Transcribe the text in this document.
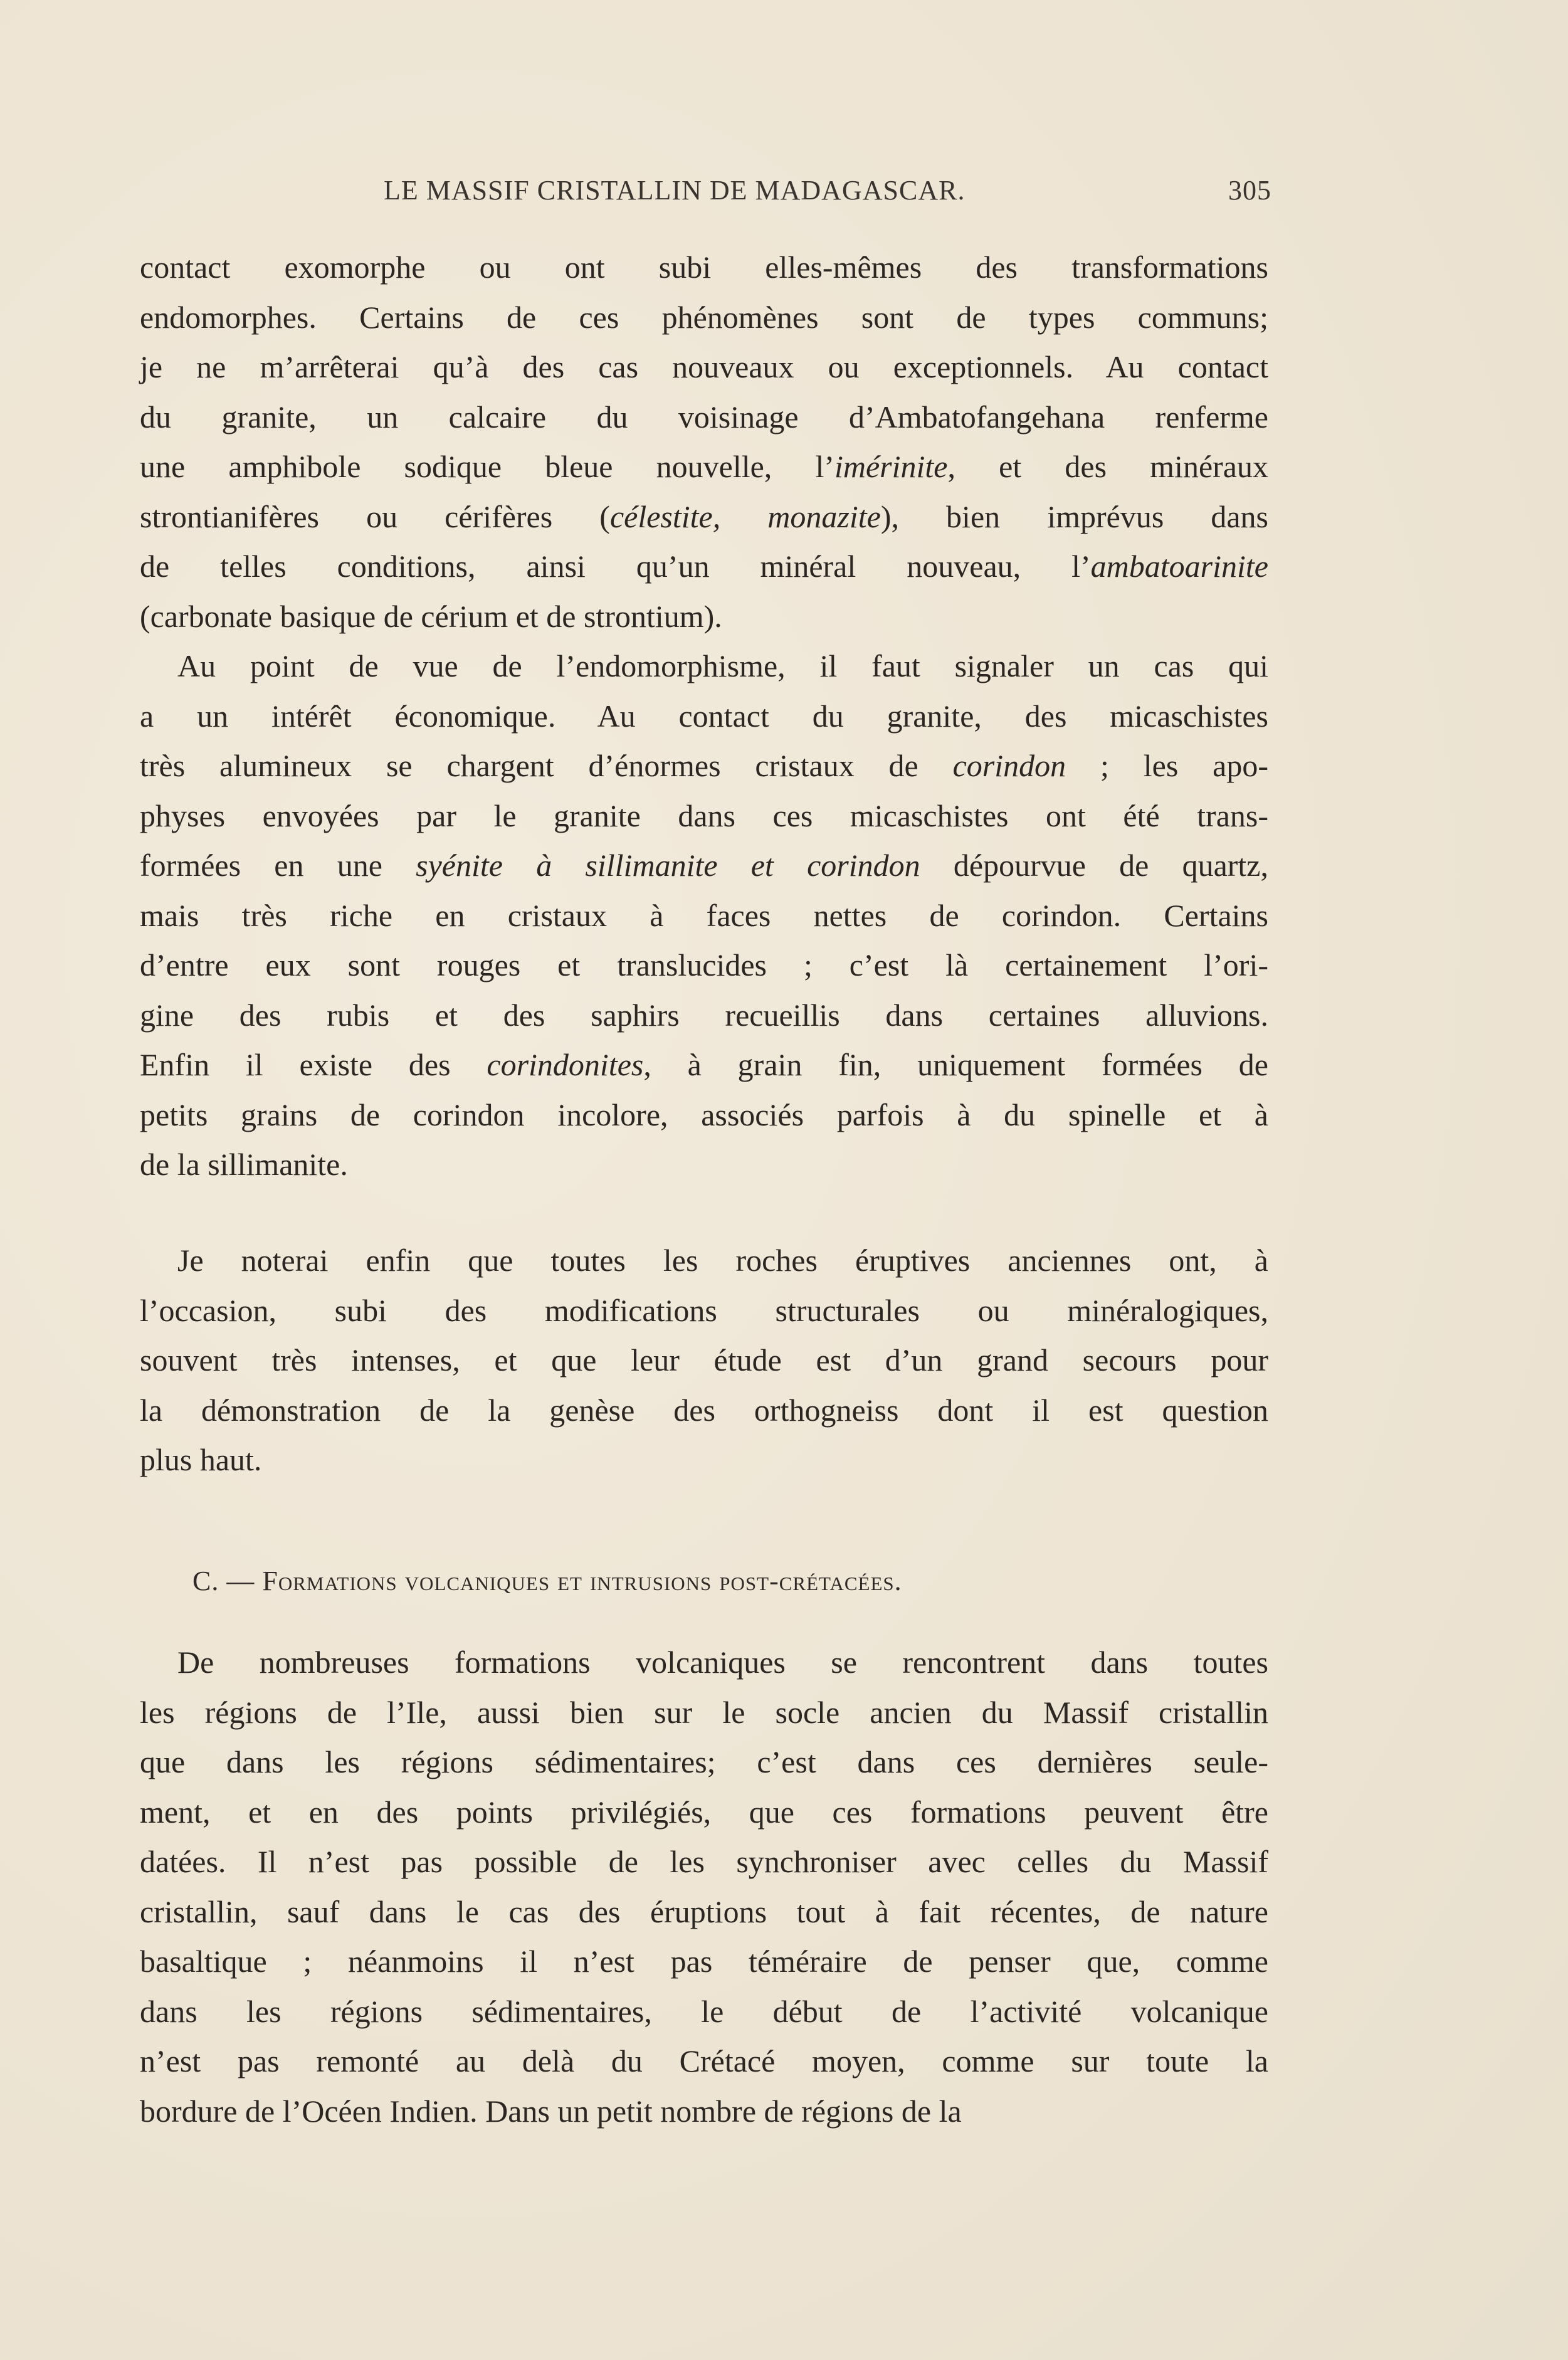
LE MASSIF CRISTALLIN DE MADAGASCAR.	305
contact exomorphe ou ont subi elles-mêmes des transformations
endomorphes. Certains de ces phénomènes sont de types communs;
je ne m’arrêterai qu’à des cas nouveaux ou exceptionnels. Au contact
du granite, un calcaire du voisinage d’Ambatofangehana renferme
une amphibole sodique bleue nouvelle, l’imérinite, et des minéraux
strontianifères ou cérifères (célestite, monazite), bien imprévus dans
de telles conditions, ainsi qu’un minéral nouveau, l’ambatoarinite
(carbonate basique de cérium et de strontium).
Au point de vue de l’endomorphisme, il faut signaler un cas qui
a un intérêt économique. Au contact du granite, des micaschistes
très alumineux se chargent d’énormes cristaux de corindon ; les apo-
physes envoyées par le granite dans ces micaschistes ont été trans-
formées en une syénite à sillimanite et corindon dépourvue de quartz,
mais très riche en cristaux à faces nettes de corindon. Certains
d’entre eux sont rouges et translucides ; c’est là certainement l’ori-
gine des rubis et des saphirs recueillis dans certaines alluvions.
Enfin il existe des corindonites, à grain fin, uniquement formées de
petits grains de corindon incolore, associés parfois à du spinelle et à
de la sillimanite.
Je noterai enfin que toutes les roches éruptives anciennes ont, à
l’occasion, subi des modifications structurales ou minéralogiques,
souvent très intenses, et que leur étude est d’un grand secours pour
la démonstration de la genèse des orthogneiss dont il est question
plus haut.
C. — Formations volcaniques et intrusions post-crétacées.
De nombreuses formations volcaniques se rencontrent dans toutes
les régions de l’Ile, aussi bien sur le socle ancien du Massif cristallin
que dans les régions sédimentaires; c’est dans ces dernières seule-
ment, et en des points privilégiés, que ces formations peuvent être
datées. Il n’est pas possible de les synchroniser avec celles du Massif
cristallin, sauf dans le cas des éruptions tout à fait récentes, de nature
basaltique ; néanmoins il n’est pas téméraire de penser que, comme
dans les régions sédimentaires, le début de l’activité volcanique
n’est pas remonté au delà du Crétacé moyen, comme sur toute la
bordure de l’Océen Indien. Dans un petit nombre de régions de la
